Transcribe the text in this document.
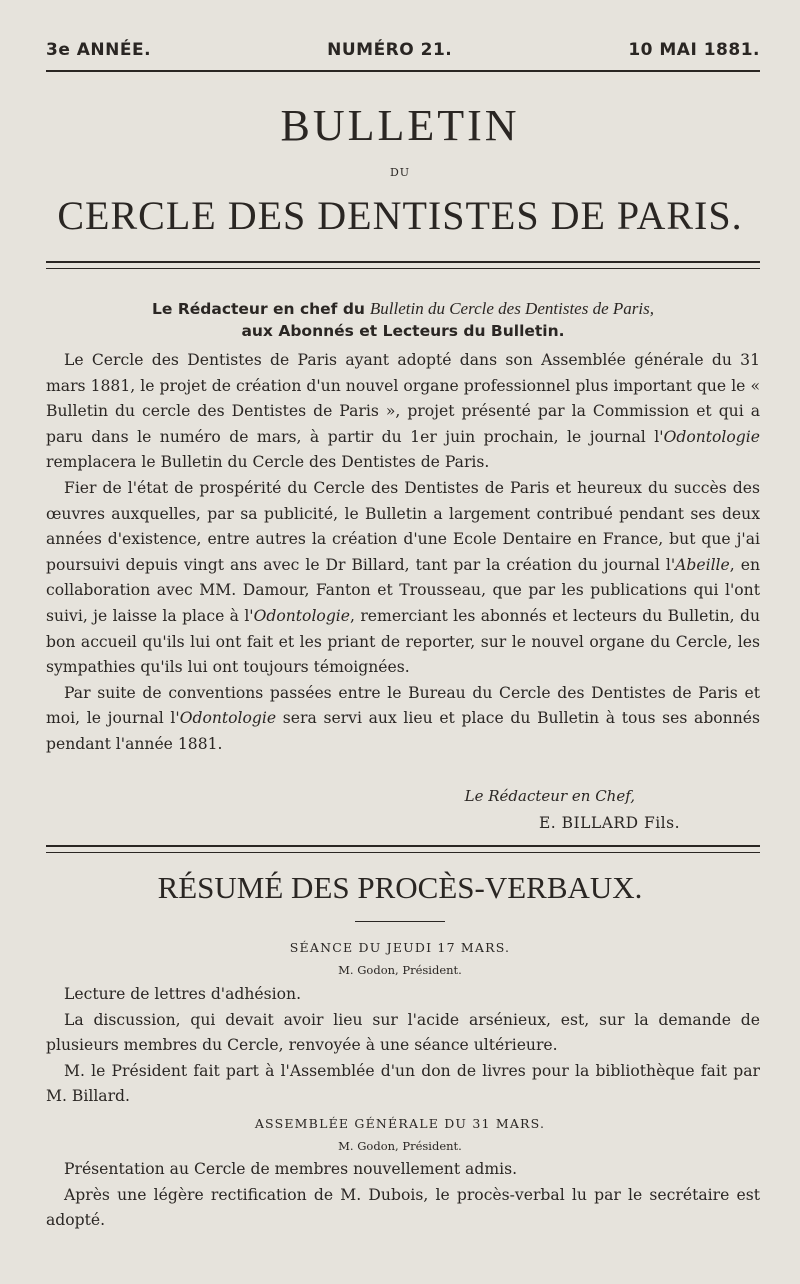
3e ANNÉE.	NUMÉRO 21.	10 MAI 1881.
BULLETIN
DU
CERCLE DES DENTISTES DE PARIS.
Le Rédacteur en chef du Bulletin du Cercle des Dentistes de Paris,
aux Abonnés et Lecteurs du Bulletin.

Le Cercle des Dentistes de Paris ayant adopté dans son Assemblée générale du 31 mars 1881, le projet de création d'un nouvel organe professionnel plus important que le « Bulletin du cercle des Dentistes de Paris », projet présenté par la Commission et qui a paru dans le numéro de mars, à partir du 1er juin prochain, le journal l'Odontologie remplacera le Bulletin du Cercle des Dentistes de Paris.

Fier de l'état de prospérité du Cercle des Dentistes de Paris et heureux du succès des œuvres auxquelles, par sa publicité, le Bulletin a largement contribué pendant ses deux années d'existence, entre autres la création d'une Ecole Dentaire en France, but que j'ai poursuivi depuis vingt ans avec le Dr Billard, tant par la création du journal l'Abeille, en collaboration avec MM. Damour, Fanton et Trousseau, que par les publications qui l'ont suivi, je laisse la place à l'Odontologie, remerciant les abonnés et lecteurs du Bulletin, du bon accueil qu'ils lui ont fait et les priant de reporter, sur le nouvel organe du Cercle, les sympathies qu'ils lui ont toujours témoignées.

Par suite de conventions passées entre le Bureau du Cercle des Dentistes de Paris et moi, le journal l'Odontologie sera servi aux lieu et place du Bulletin à tous ses abonnés pendant l'année 1881.

Le Rédacteur en Chef,
E. BILLARD Fils.
RÉSUMÉ DES PROCÈS-VERBAUX.
SÉANCE DU JEUDI 17 MARS.
M. Godon, Président.

Lecture de lettres d'adhésion.

La discussion, qui devait avoir lieu sur l'acide arsénieux, est, sur la demande de plusieurs membres du Cercle, renvoyée à une séance ultérieure.

M. le Président fait part à l'Assemblée d'un don de livres pour la bibliothèque fait par M. Billard.

ASSEMBLÉE GÉNÉRALE DU 31 MARS.
M. Godon, Président.

Présentation au Cercle de membres nouvellement admis.

Après une légère rectification de M. Dubois, le procès-verbal lu par le secrétaire est adopté.
